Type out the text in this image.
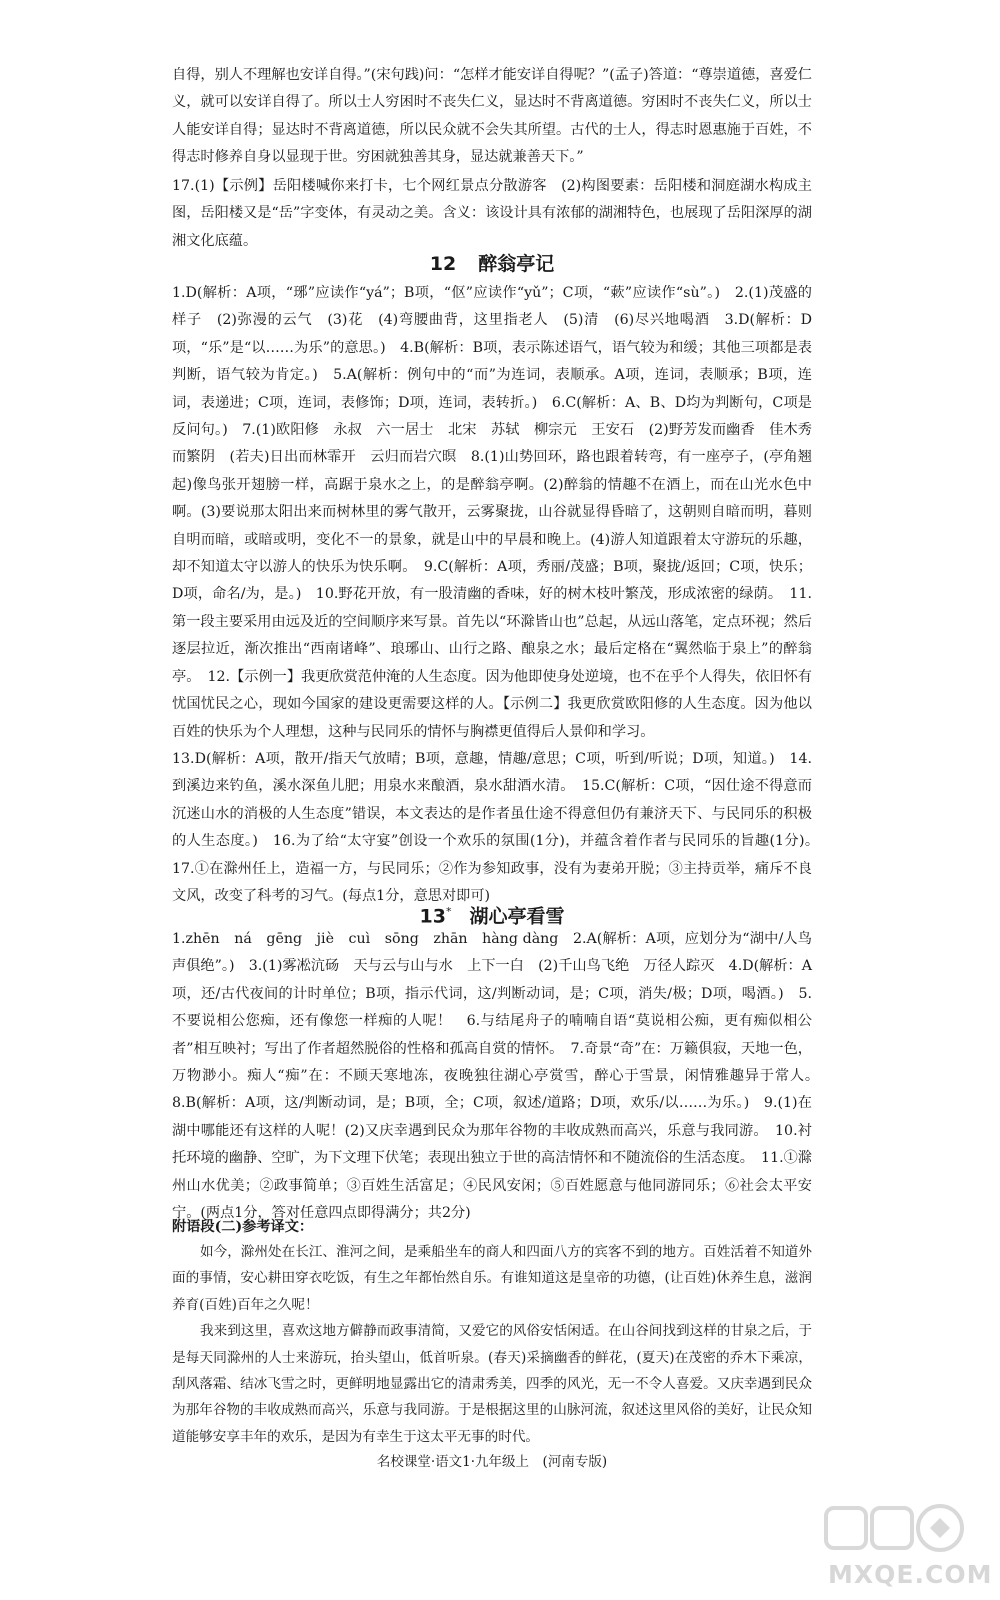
自得，别人不理解也安详自得。”(宋句践)问：“怎样才能安详自得呢？”(孟子)答道：“尊崇道德，喜爱仁义，就可以安详自得了。所以士人穷困时不丧失仁义，显达时不背离道德。穷困时不丧失仁义，所以士人能安详自得；显达时不背离道德，所以民众就不会失其所望。古代的士人，得志时恩惠施于百姓，不得志时修养自身以显现于世。穷困就独善其身，显达就兼善天下。”

17.(1)【示例】岳阳楼喊你来打卡，七个网红景点分散游客　(2)构图要素：岳阳楼和洞庭湖水构成主图，岳阳楼又是“岳”字变体，有灵动之美。含义：该设计具有浓郁的湖湘特色，也展现了岳阳深厚的湖湘文化底蕴。

12 醉翁亭记

1.D(解析：A项，“琊”应读作“yá”；B项，“伛”应读作“yǔ”；C项，“蔌”应读作“sù”。)　2.(1)茂盛的样子　(2)弥漫的云气　(3)花　(4)弯腰曲背，这里指老人　(5)清　(6)尽兴地喝酒　3.D(解析：D项，“乐”是“以……为乐”的意思。)　4.B(解析：B项，表示陈述语气，语气较为和缓；其他三项都是表判断，语气较为肯定。)　5.A(解析：例句中的“而”为连词，表顺承。A项，连词，表顺承；B项，连词，表递进；C项，连词，表修饰；D项，连词，表转折。)　6.C(解析：A、B、D均为判断句，C项是反问句。)　7.(1)欧阳修　永叔　六一居士　北宋　苏轼　柳宗元　王安石　(2)野芳发而幽香　佳木秀而繁阴　(若夫)日出而林霏开　云归而岩穴暝　8.(1)山势回环，路也跟着转弯，有一座亭子，(亭角翘起)像鸟张开翅膀一样，高踞于泉水之上，的是醉翁亭啊。(2)醉翁的情趣不在酒上，而在山光水色中啊。(3)要说那太阳出来而树林里的雾气散开，云雾聚拢，山谷就显得昏暗了，这朝则自暗而明，暮则自明而暗，或暗或明，变化不一的景象，就是山中的早晨和晚上。(4)游人知道跟着太守游玩的乐趣，却不知道太守以游人的快乐为快乐啊。　9.C(解析：A项，秀丽/茂盛；B项，聚拢/返回；C项，快乐；D项，命名/为，是。)　10.野花开放，有一股清幽的香味，好的树木枝叶繁茂，形成浓密的绿荫。　11.第一段主要采用由远及近的空间顺序来写景。首先以“环滁皆山也”总起，从远山落笔，定点环视；然后逐层拉近，渐次推出“西南诸峰”、琅琊山、山行之路、酿泉之水；最后定格在“翼然临于泉上”的醉翁亭。　12.【示例一】我更欣赏范仲淹的人生态度。因为他即使身处逆境，也不在乎个人得失，依旧怀有忧国忧民之心，现如今国家的建设更需要这样的人。【示例二】我更欣赏欧阳修的人生态度。因为他以百姓的快乐为个人理想，这种与民同乐的情怀与胸襟更值得后人景仰和学习。

13.D(解析：A项，散开/指天气放晴；B项，意趣，情趣/意思；C项，听到/听说；D项，知道。)　14.到溪边来钓鱼，溪水深鱼儿肥；用泉水来酿酒，泉水甜酒水清。　15.C(解析：C项，“因仕途不得意而沉迷山水的消极的人生态度”错误，本文表达的是作者虽仕途不得意但仍有兼济天下、与民同乐的积极的人生态度。)　16.为了给“太守宴”创设一个欢乐的氛围(1分)，并蕴含着作者与民同乐的旨趣(1分)。　17.①在滁州任上，造福一方，与民同乐；②作为参知政事，没有为妻弟开脱；③主持贡举，痛斥不良文风，改变了科考的习气。(每点1分，意思对即可)

13* 湖心亭看雪

1.zhēn　ná　gēng　jiè　cuì　sōng　zhān　hàng dàng　2.A(解析：A项，应划分为“湖中/人鸟声俱绝”。)　3.(1)雾凇沆砀　天与云与山与水　上下一白　(2)千山鸟飞绝　万径人踪灭　4.D(解析：A项，还/古代夜间的计时单位；B项，指示代词，这/判断动词，是；C项，消失/极；D项，喝酒。)　5.不要说相公您痴，还有像您一样痴的人呢！　6.与结尾舟子的喃喃自语“莫说相公痴，更有痴似相公者”相互映衬；写出了作者超然脱俗的性格和孤高自赏的情怀。　7.奇景“奇”在：万籁俱寂，天地一色，万物渺小。痴人“痴”在：不顾天寒地冻，夜晚独往湖心亭赏雪，醉心于雪景，闲情雅趣异于常人。　8.B(解析：A项，这/判断动词，是；B项，全；C项，叙述/道路；D项，欢乐/以……为乐。)　9.(1)在湖中哪能还有这样的人呢！(2)又庆幸遇到民众为那年谷物的丰收成熟而高兴，乐意与我同游。　10.衬托环境的幽静、空旷，为下文理下伏笔；表现出独立于世的高洁情怀和不随流俗的生活态度。　11.①滁州山水优美；②政事简单；③百姓生活富足；④民风安闲；⑤百姓愿意与他同游同乐；⑥社会太平安宁。(两点1分，答对任意四点即得满分；共2分)

附语段(二)参考译文：

如今，滁州处在长江、淮河之间，是乘船坐车的商人和四面八方的宾客不到的地方。百姓活着不知道外面的事情，安心耕田穿衣吃饭，有生之年都怡然自乐。有谁知道这是皇帝的功德，(让百姓)休养生息，滋润养育(百姓)百年之久呢！

我来到这里，喜欢这地方僻静而政事清简，又爱它的风俗安恬闲适。在山谷间找到这样的甘泉之后，于是每天同滁州的人士来游玩，抬头望山，低首听泉。(春天)采摘幽香的鲜花，(夏天)在茂密的乔木下乘凉，刮风落霜、结冰飞雪之时，更鲜明地显露出它的清肃秀美，四季的风光，无一不令人喜爱。又庆幸遇到民众为那年谷物的丰收成熟而高兴，乐意与我同游。于是根据这里的山脉河流，叙述这里风俗的美好，让民众知道能够安享丰年的欢乐，是因为有幸生于这太平无事的时代。

名校课堂·语文1·九年级上　(河南专版)
MXQE.COM
